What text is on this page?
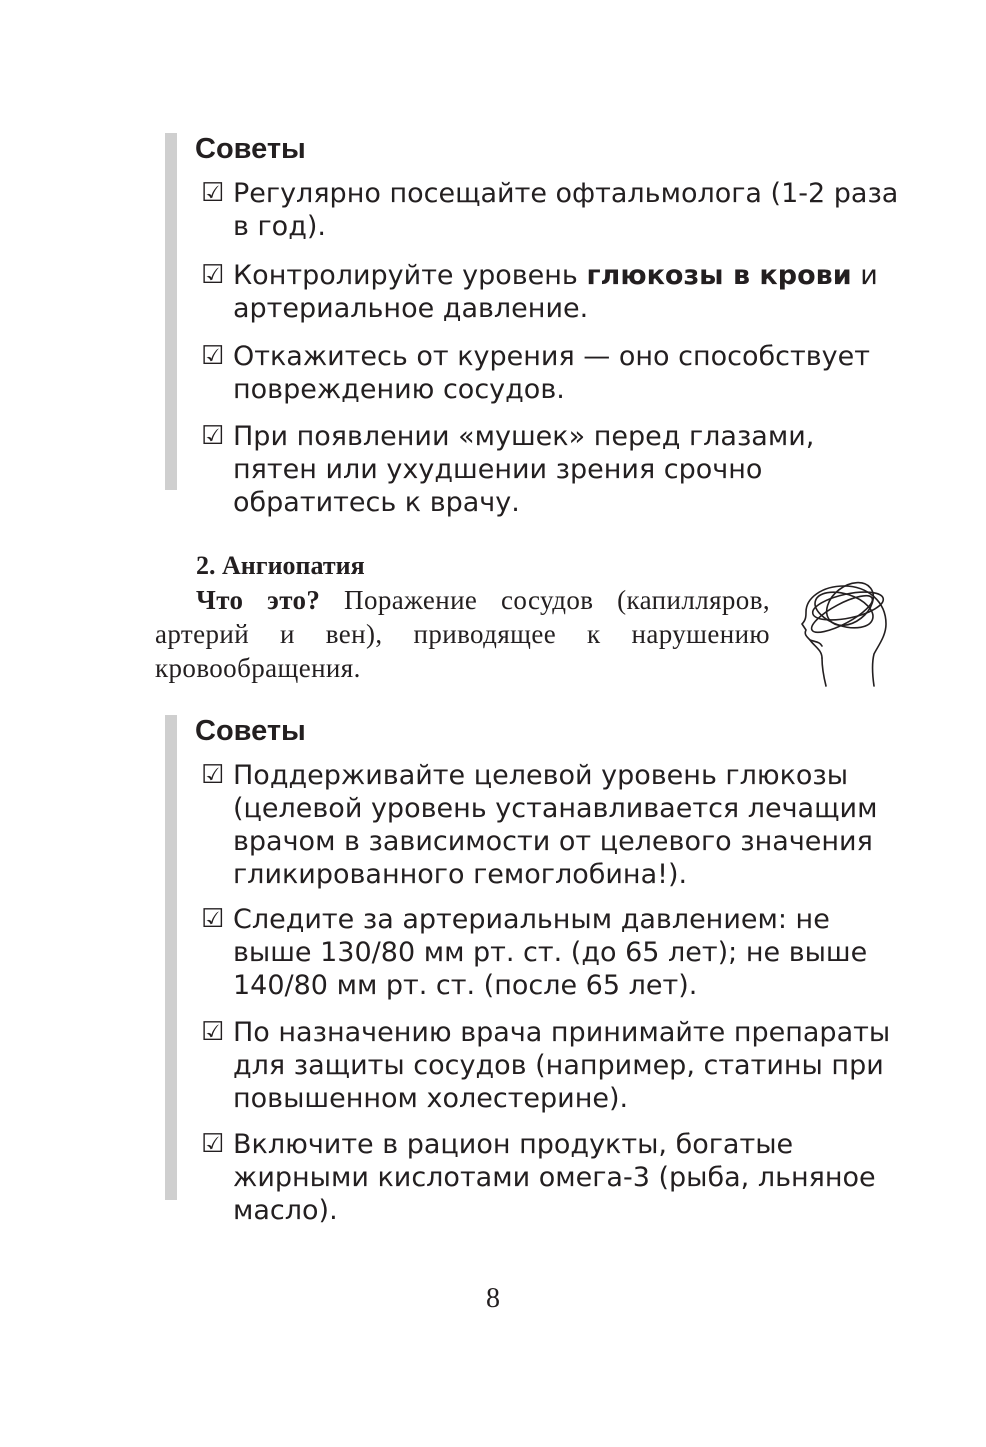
Советы
☑ Регулярно посещайте офтальмолога (1-2 раза в год).
☑ Контролируйте уровень глюкозы в крови и артериальное давление.
☑ Откажитесь от курения — оно способствует повреждению сосудов.
☑ При появлении «мушек» перед глазами, пятен или ухудшении зрения срочно обратитесь к врачу.
2. Ангиопатия
Что это? Поражение сосудов (капилляров, артерий и вен), приводящее к нарушению кровообращения.
Советы
☑ Поддерживайте целевой уровень глюкозы (целевой уровень устанавливается лечащим врачом в зависимости от целевого значения гликированного гемоглобина!).
☑ Следите за артериальным давлением: не выше 130/80 мм рт. ст. (до 65 лет); не выше 140/80 мм рт. ст. (после 65 лет).
☑ По назначению врача принимайте препараты для защиты сосудов (например, статины при повышенном холестерине).
☑ Включите в рацион продукты, богатые жирными кислотами омега-3 (рыба, льняное масло).
8
